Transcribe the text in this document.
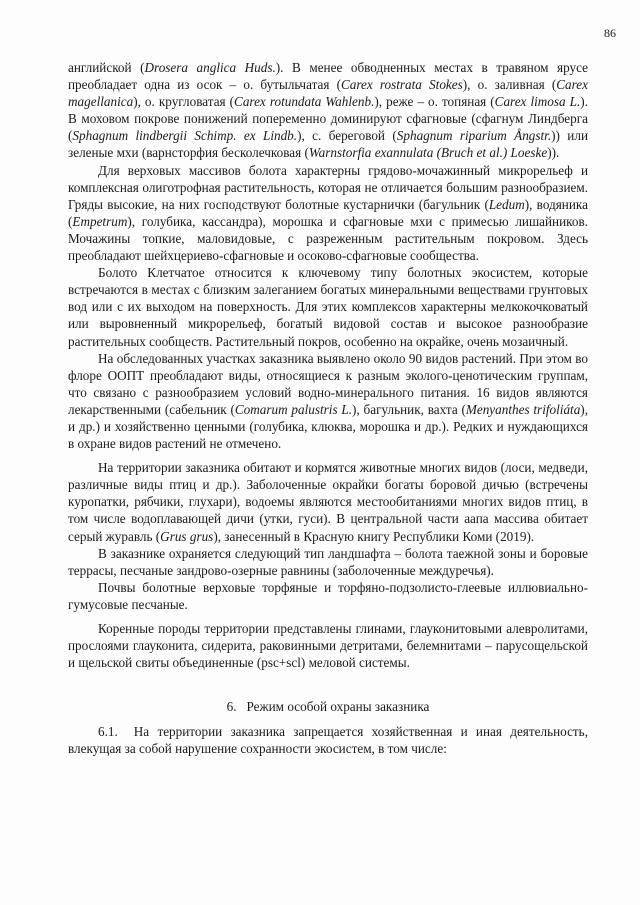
86

английской (Drosera anglica Huds.). В менее обводненных местах в травяном ярусе преобладает одна из осок – о. бутыльчатая (Carex rostrata Stokes), о. заливная (Carex magellanica), о. кругловатая (Carex rotundata Wahlenb.), реже – о. топяная (Carex limosa L.). В моховом покрове понижений попеременно доминируют сфагновые (сфагнум Линдберга (Sphagnum lindbergii Schimp. ex Lindb.), с. береговой (Sphagnum riparium Ångstr.)) или зеленые мхи (варнсторфия бесколечковая (Warnstorfia exannulata (Bruch et al.) Loeske)).

Для верховых массивов болота характерны грядово-мочажинный микрорельеф и комплексная олиготрофная растительность, которая не отличается большим разнообразием. Гряды высокие, на них господствуют болотные кустарнички (багульник (Ledum), водяника (Empetrum), голубика, кассандра), морошка и сфагновые мхи с примесью лишайников. Мочажины топкие, маловидовые, с разреженным растительным покровом. Здесь преобладают шейхцериево-сфагновые и осоково-сфагновые сообщества.

Болото Клетчатое относится к ключевому типу болотных экосистем, которые встречаются в местах с близким залеганием богатых минеральными веществами грунтовых вод или с их выходом на поверхность. Для этих комплексов характерны мелкокочковатый или выровненный микрорельеф, богатый видовой состав и высокое разнообразие растительных сообществ. Растительный покров, особенно на окрайке, очень мозаичный.

На обследованных участках заказника выявлено около 90 видов растений. При этом во флоре ООПТ преобладают виды, относящиеся к разным эколого-ценотическим группам, что связано с разнообразием условий водно-минерального питания. 16 видов являются лекарственными (сабельник (Comarum palustris L.), багульник, вахта (Menyanthes trifoliáta), и др.) и хозяйственно ценными (голубика, клюква, морошка и др.). Редких и нуждающихся в охране видов растений не отмечено.

На территории заказника обитают и кормятся животные многих видов (лоси, медведи, различные виды птиц и др.). Заболоченные окрайки богаты боровой дичью (встречены куропатки, рябчики, глухари), водоемы являются местообитаниями многих видов птиц, в том числе водоплавающей дичи (утки, гуси). В центральной части аапа массива обитает серый журавль (Grus grus), занесенный в Красную книгу Республики Коми (2019).

В заказнике охраняется следующий тип ландшафта – болота таежной зоны и боровые террасы, песчаные зандрово-озерные равнины (заболоченные междуречья).

Почвы болотные верховые торфяные и торфяно-подзолисто-глеевые иллювиально-гумусовые песчаные.

Коренные породы территории представлены глинами, глауконитовыми алевролитами, прослоями глауконита, сидерита, раковинными детритами, белемнитами – парусощельской и щельской свиты объединенные (psc+scl) меловой системы.

6. Режим особой охраны заказника

6.1. На территории заказника запрещается хозяйственная и иная деятельность, влекущая за собой нарушение сохранности экосистем, в том числе:
